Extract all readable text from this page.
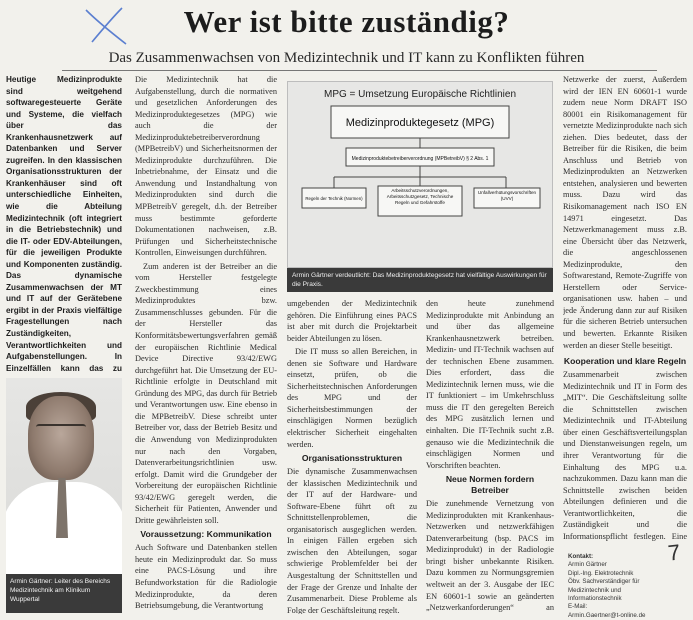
Wer ist bitte zuständig?
Das Zusammenwachsen von Medizintechnik und IT kann zu Konflikten führen

Heutige Medizinprodukte sind weitgehend softwaregesteuerte Geräte und Systeme, die vielfach über das Krankenhausnetzwerk auf Datenbanken und Server zugreifen. In den klassischen Organisationsstrukturen der Krankenhäuser sind oft unterschiedliche Einheiten, wie die Abteilung Medizintechnik (oft integriert in die Betriebstechnik) und die IT- oder EDV-Abteilungen, für die jeweiligen Produkte und Komponenten zuständig. Das dynamische Zusammenwachsen der MT und IT auf der Gerätebene ergibt in der Praxis vielfältige Fragestellungen nach Zuständigkeiten, Verantwortlichkeiten und Aufgabenstellungen. In Einzelfällen kann das zu

Armin Gärtner: Leiter des Bereichs Medizintechnik am Klinikum Wuppertal

Die Medizintechnik hat die Aufgabenstellung, durch die normativen und gesetzlichen Anforderungen des Medizinproduktegesetzes (MPG) wie auch die der Medizinproduktebetreiberverordnung (MPBetreibV) und Sicherheitsnormen der Medizinprodukte durchzuführen. Die Inbetriebnahme, der Einsatz und die Anwendung und Instandhaltung von Medizinprodukten sind durch die MPBetreibV geregelt, d.h. der Betreiber muss bestimmte geforderte Dokumentationen nachweisen, z.B. Prüfungen und Sicherheitstechnische Kontrollen, Einweisungen durchführen.

Zum anderen ist der Betreiber an die vom Hersteller festgelegte Zweckbestimmung eines Medizinproduktes bzw. Zusammenschlusses gebunden. Für die der Hersteller das Konformitätsbewertungsverfahren gemäß der europäischen Richtlinie Medical Device Directive 93/42/EWG durchgeführt hat. Die Umsetzung der EU-Richtlinie erfolgte in Deutschland mit Gründung des MPG, das durch für Betrieb und Verantwortungen usw. Eine ebenso in die MPBetreibV. Diese schreibt unter Betreiber vor, dass der Betrieb Besitz und die Anwendung von Medizinprodukten nur nach den Vorgaben, Datenverarbeitungsrichtlinien usw. erfolgt. Damit wird die Grundgeber der Vorbereitung der europäischen Richtlinie 93/42/EWG geregelt werden, die Sicherheit für Patienten, Anwender und Dritte gewährleisten soll.

Voraussetzung: Kommunikation

Auch Software und Datenbanken stellen heute ein Medizinprodukt dar. So muss eine PACS-Lösung und ihre Befundworkstation für die Radiologie Medizinprodukte, da deren Betriebsumgebung, die Verantwortung

MPG = Umsetzung Europäische Richtlinien
Medizinproduktegesetz (MPG)
Medizinproduktebetreiberverordnung (MPBetreibV) § 2 Abs. 1
Regeln der Technik (Normen)
Arbeitsschutzverordnungen, Arbeitsschutzgesetz, Technische Regeln und Gefahrstoffe
Unfallverhütungsvorschriften (UVV)
Armin Gärtner verdeutlicht: Das Medizinproduktegesetz hat vielfältige Auswirkungen für die Praxis.

umgebenden der Medizintechnik gehören. Die Einführung eines PACS ist aber mit durch die Projektarbeit beider Abteilungen zu lösen.

Die IT muss so allen Bereichen, in denen sie Software und Hardware einsetzt, prüfen, ob die Sicherheitstechnischen Anforderungen des MPG und der Sicherheitsbestimmungen der einschlägigen Normen bezüglich elektrischer Sicherheit eingehalten werden.

Organisationsstrukturen

Die dynamische Zusammenwachsen der klassischen Medizintechnik und der IT auf der Hardware- und Software-Ebene führt oft zu Schnittstellenproblemen, die organisatorisch ausgeglichen werden. In einigen Fällen ergeben sich zwischen den Abteilungen, sogar schwierige Problemfelder bei der Ausgestaltung der Schnittstellen und der Frage der Grenze und Inhalte der Zusammenarbeit. Diese Probleme als Folge der Geschäftsleitung regelt.

den heute zunehmend Medizinprodukte mit Anbindung an und über das allgemeine Krankenhausnetzwerk betreiben. Medizin- und IT-Technik wachsen auf der technischen Ebene zusammen. Dies erfordert, dass die Medizintechnik lernen muss, wie die IT funktioniert – im Umkehrschluss muss die IT den geregelten Bereich des MPG zusätzlich lernen und einhalten. Die IT-Technik sucht z.B. genauso wie die Medizintechnik die einschlägigen Normen und Vorschriften beachten.

Neue Normen fordern Betreiber

Die zunehmende Vernetzung von Medizinprodukten mit Krankenhaus-Netzwerken und netzwerkfähigen Datenverarbeitung (bsp. PACS im Medizinprodukt) in der Radiologie bringt bisher unbekannte Risiken. Dazu kommen zu Normungsgremien weltweit an der 3. Ausgabe der IEC EN 60601-1 sowie an geänderten „Netzwerkanforderungen“ an

Netzwerke der zuerst, Außerdem wird der IEN EN 60601-1 wurde zudem neue Norm DRAFT ISO 80001 ein Risikomanagement für vernetzte Medizinprodukte nach sich ziehen. Dies bedeutet, dass der Betreiber für die Risiken, die beim Anschluss und Betrieb von Medizinprodukten an Netzwerken entstehen, analysieren und bewerten muss. Dazu wird das Risikomanagement nach ISO EN 14971 eingesetzt. Das Netzwerkmanagement muss z.B. eine Übersicht über das Netzwerk, die angeschlossenen Medizinprodukte, den Softwarestand, Remote-Zugriffe von Herstellern oder Service-organisationen usw. haben – und jede Änderung dann zur auf Risiken für die sicheren Betrieb untersuchen und bewerten. Erkannte Risiken werden an dieser Stelle beseitigt.

Kooperation und klare Regeln

Zusammenarbeit zwischen Medizintechnik und IT in Form des „MIT“. Die Geschäftsleitung sollte die Schnittstellen zwischen Medizintechnik und IT-Abteilung über einen Geschäftsverteilungsplan und Dienstanweisungen regeln, um ihrer Verantwortung für die Einhaltung des MPG u.a. nachzukommen. Dazu kann man die Schnittstelle zwischen beiden Abteilungen definieren und die Verantwortlichkeiten, die Zuständigkeit und die Informationspflicht festlegen. Eine

Kontakt:
Armin Gärtner
Dipl.-Ing. Elektrotechnik
Öbv. Sachverständiger für Medizintechnik und Informationstechnik
E-Mail:
Armin.Gaertner@t-online.de
7
